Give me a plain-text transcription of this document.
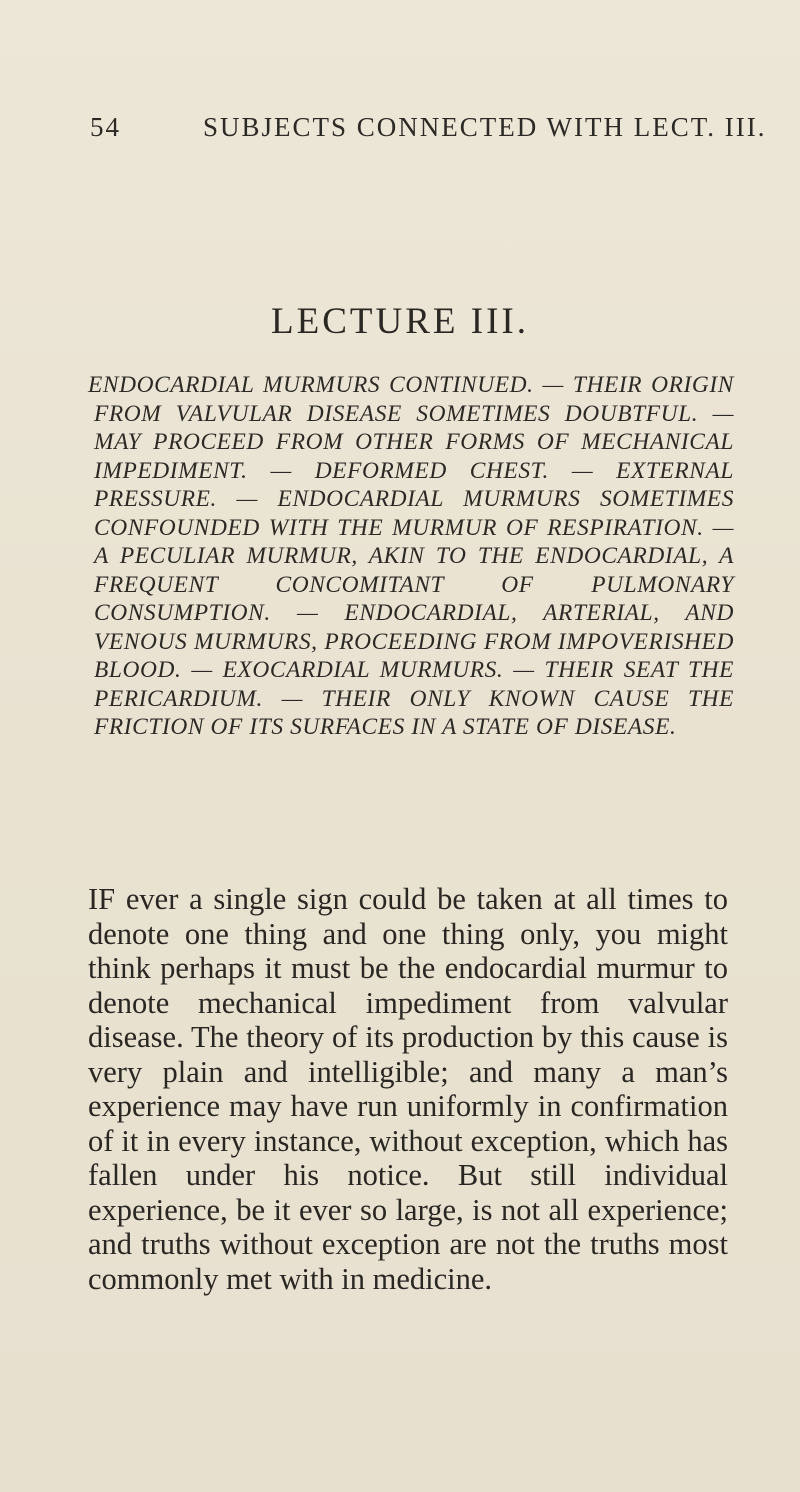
54	SUBJECTS CONNECTED WITH LECT. III.
LECTURE III.
ENDOCARDIAL MURMURS CONTINUED. — THEIR ORIGIN FROM VALVULAR DISEASE SOMETIMES DOUBTFUL. — MAY PROCEED FROM OTHER FORMS OF MECHANICAL IMPEDIMENT. — DEFORMED CHEST. — EXTERNAL PRESSURE. — ENDOCARDIAL MURMURS SOMETIMES CONFOUNDED WITH THE MURMUR OF RESPIRATION. — A PECULIAR MURMUR, AKIN TO THE ENDOCARDIAL, A FREQUENT CONCOMITANT OF PULMONARY CONSUMPTION. — ENDOCARDIAL, ARTERIAL, AND VENOUS MURMURS, PROCEEDING FROM IMPOVERISHED BLOOD. — EXOCARDIAL MURMURS. — THEIR SEAT THE PERICARDIUM. — THEIR ONLY KNOWN CAUSE THE FRICTION OF ITS SURFACES IN A STATE OF DISEASE.
IF ever a single sign could be taken at all times to denote one thing and one thing only, you might think perhaps it must be the endocardial murmur to denote mechanical impediment from valvular disease. The theory of its production by this cause is very plain and intelligible; and many a man’s experience may have run uniformly in confirmation of it in every instance, without exception, which has fallen under his notice. But still individual experience, be it ever so large, is not all experience; and truths without exception are not the truths most commonly met with in medicine.
